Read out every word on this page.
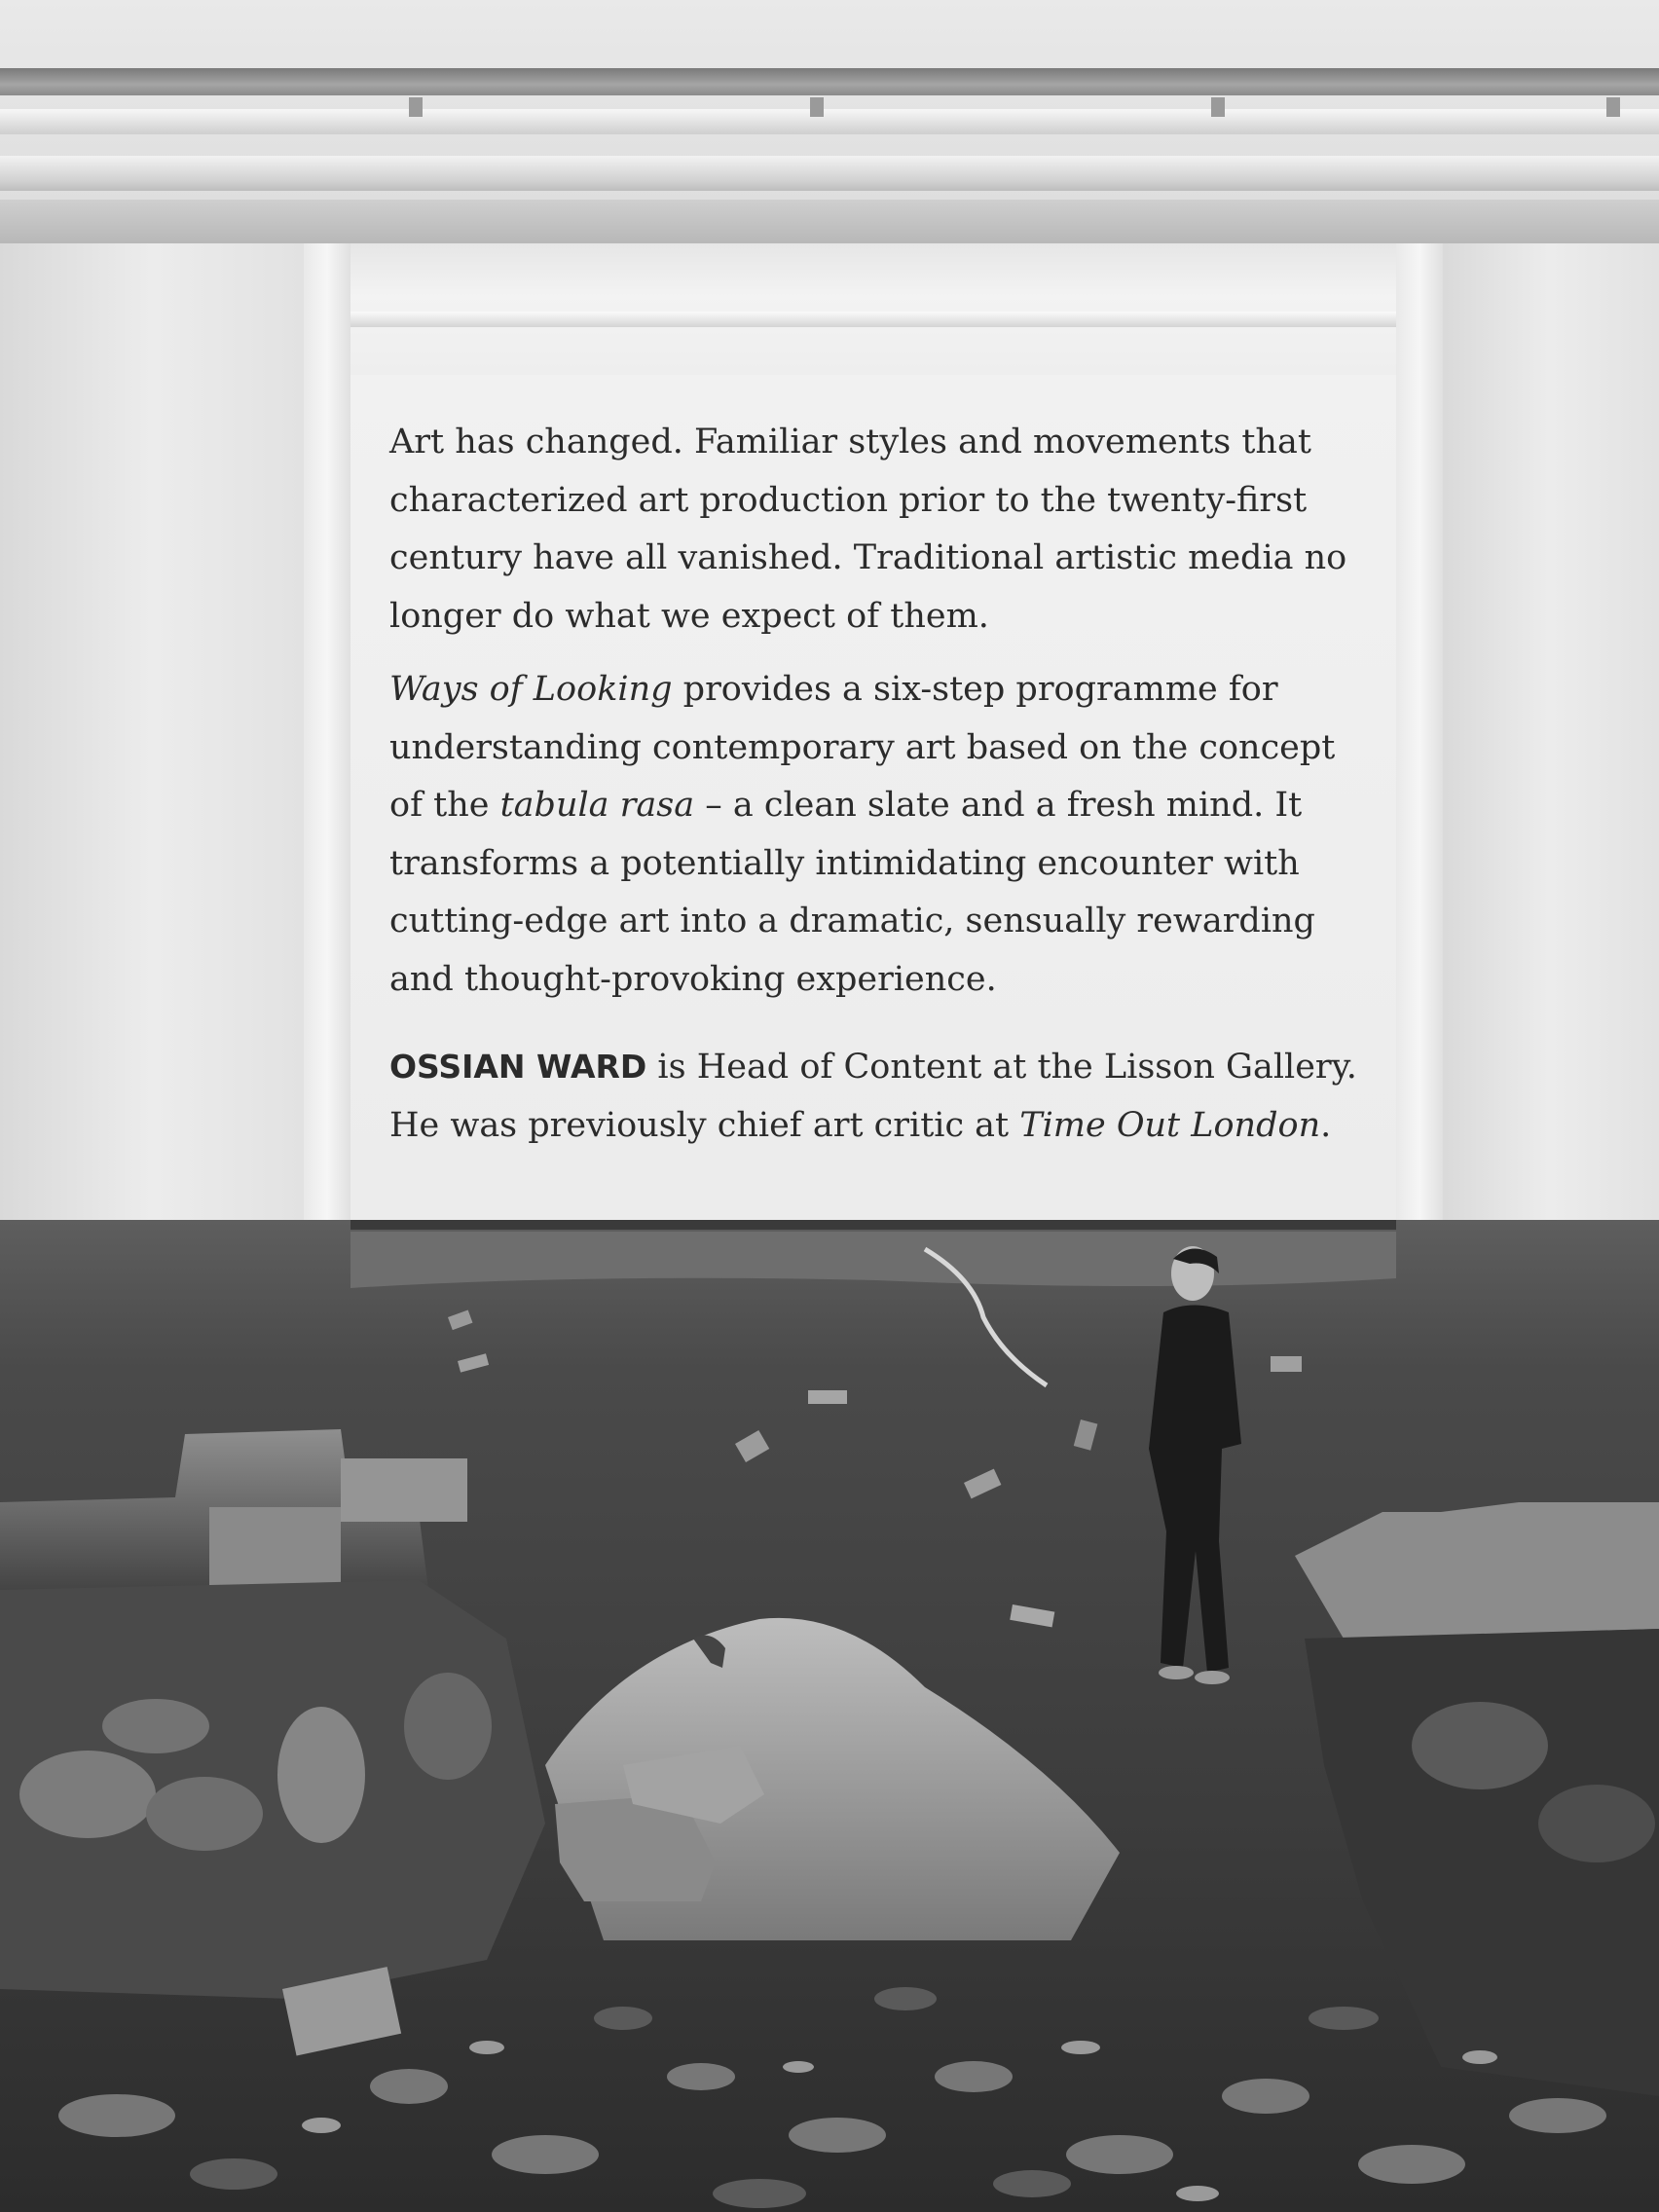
Art has changed. Familiar styles and movements that characterized art production prior to the twenty-first century have all vanished. Traditional artistic media no longer do what we expect of them.

Ways of Looking provides a six-step programme for understanding contemporary art based on the concept of the tabula rasa – a clean slate and a fresh mind. It transforms a potentially intimidating encounter with cutting-edge art into a dramatic, sensually rewarding and thought-provoking experience.

OSSIAN WARD is Head of Content at the Lisson Gallery. He was previously chief art critic at Time Out London.
